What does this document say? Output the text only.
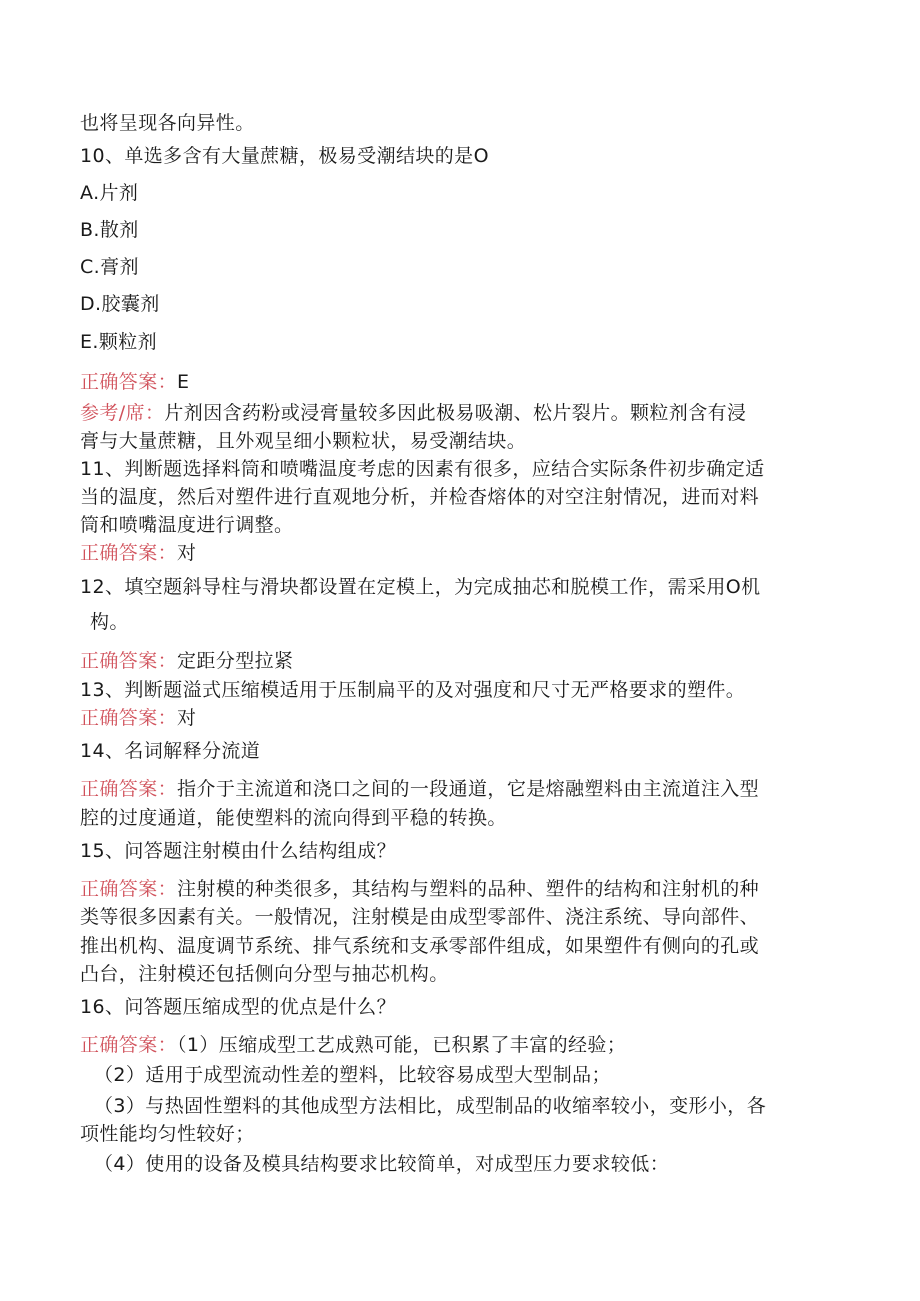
也将呈现各向异性。
10、单选多含有大量蔗糖，极易受潮结块的是O
A.片剂
B.散剂
C.膏剂
D.胶囊剂
E.颗粒剂
正确答案：E
参考/席：片剂因含药粉或浸膏量较多因此极易吸潮、松片裂片。颗粒剂含有浸
膏与大量蔗糖，且外观呈细小颗粒状，易受潮结块。
11、判断题选择料筒和喷嘴温度考虑的因素有很多，应结合实际条件初步确定适
当的温度，然后对塑件进行直观地分析，并检杳熔体的对空注射情况，进而对料
筒和喷嘴温度进行调整。
正确答案：对
12、填空题斜导柱与滑块都设置在定模上，为完成抽芯和脱模工作，需采用O机
构。
正确答案：定距分型拉紧
13、判断题溢式压缩模适用于压制扁平的及对强度和尺寸无严格要求的塑件。
正确答案：对
14、名词解释分流道
正确答案：指介于主流道和浇口之间的一段通道，它是熔融塑料由主流道注入型
腔的过度通道，能使塑料的流向得到平稳的转换。
15、问答题注射模由什么结构组成？
正确答案：注射模的种类很多，其结构与塑料的品种、塑件的结构和注射机的种
类等很多因素有关。一般情况，注射模是由成型零部件、浇注系统、导向部件、
推出机构、温度调节系统、排气系统和支承零部件组成，如果塑件有侧向的孔或
凸台，注射模还包括侧向分型与抽芯机构。
16、问答题压缩成型的优点是什么？
正确答案：（1）压缩成型工艺成熟可能，已积累了丰富的经验；
（2）适用于成型流动性差的塑料，比较容易成型大型制品；
（3）与热固性塑料的其他成型方法相比，成型制品的收缩率较小，变形小，各
项性能均匀性较好；
（4）使用的设备及模具结构要求比较简单，对成型压力要求较低：
